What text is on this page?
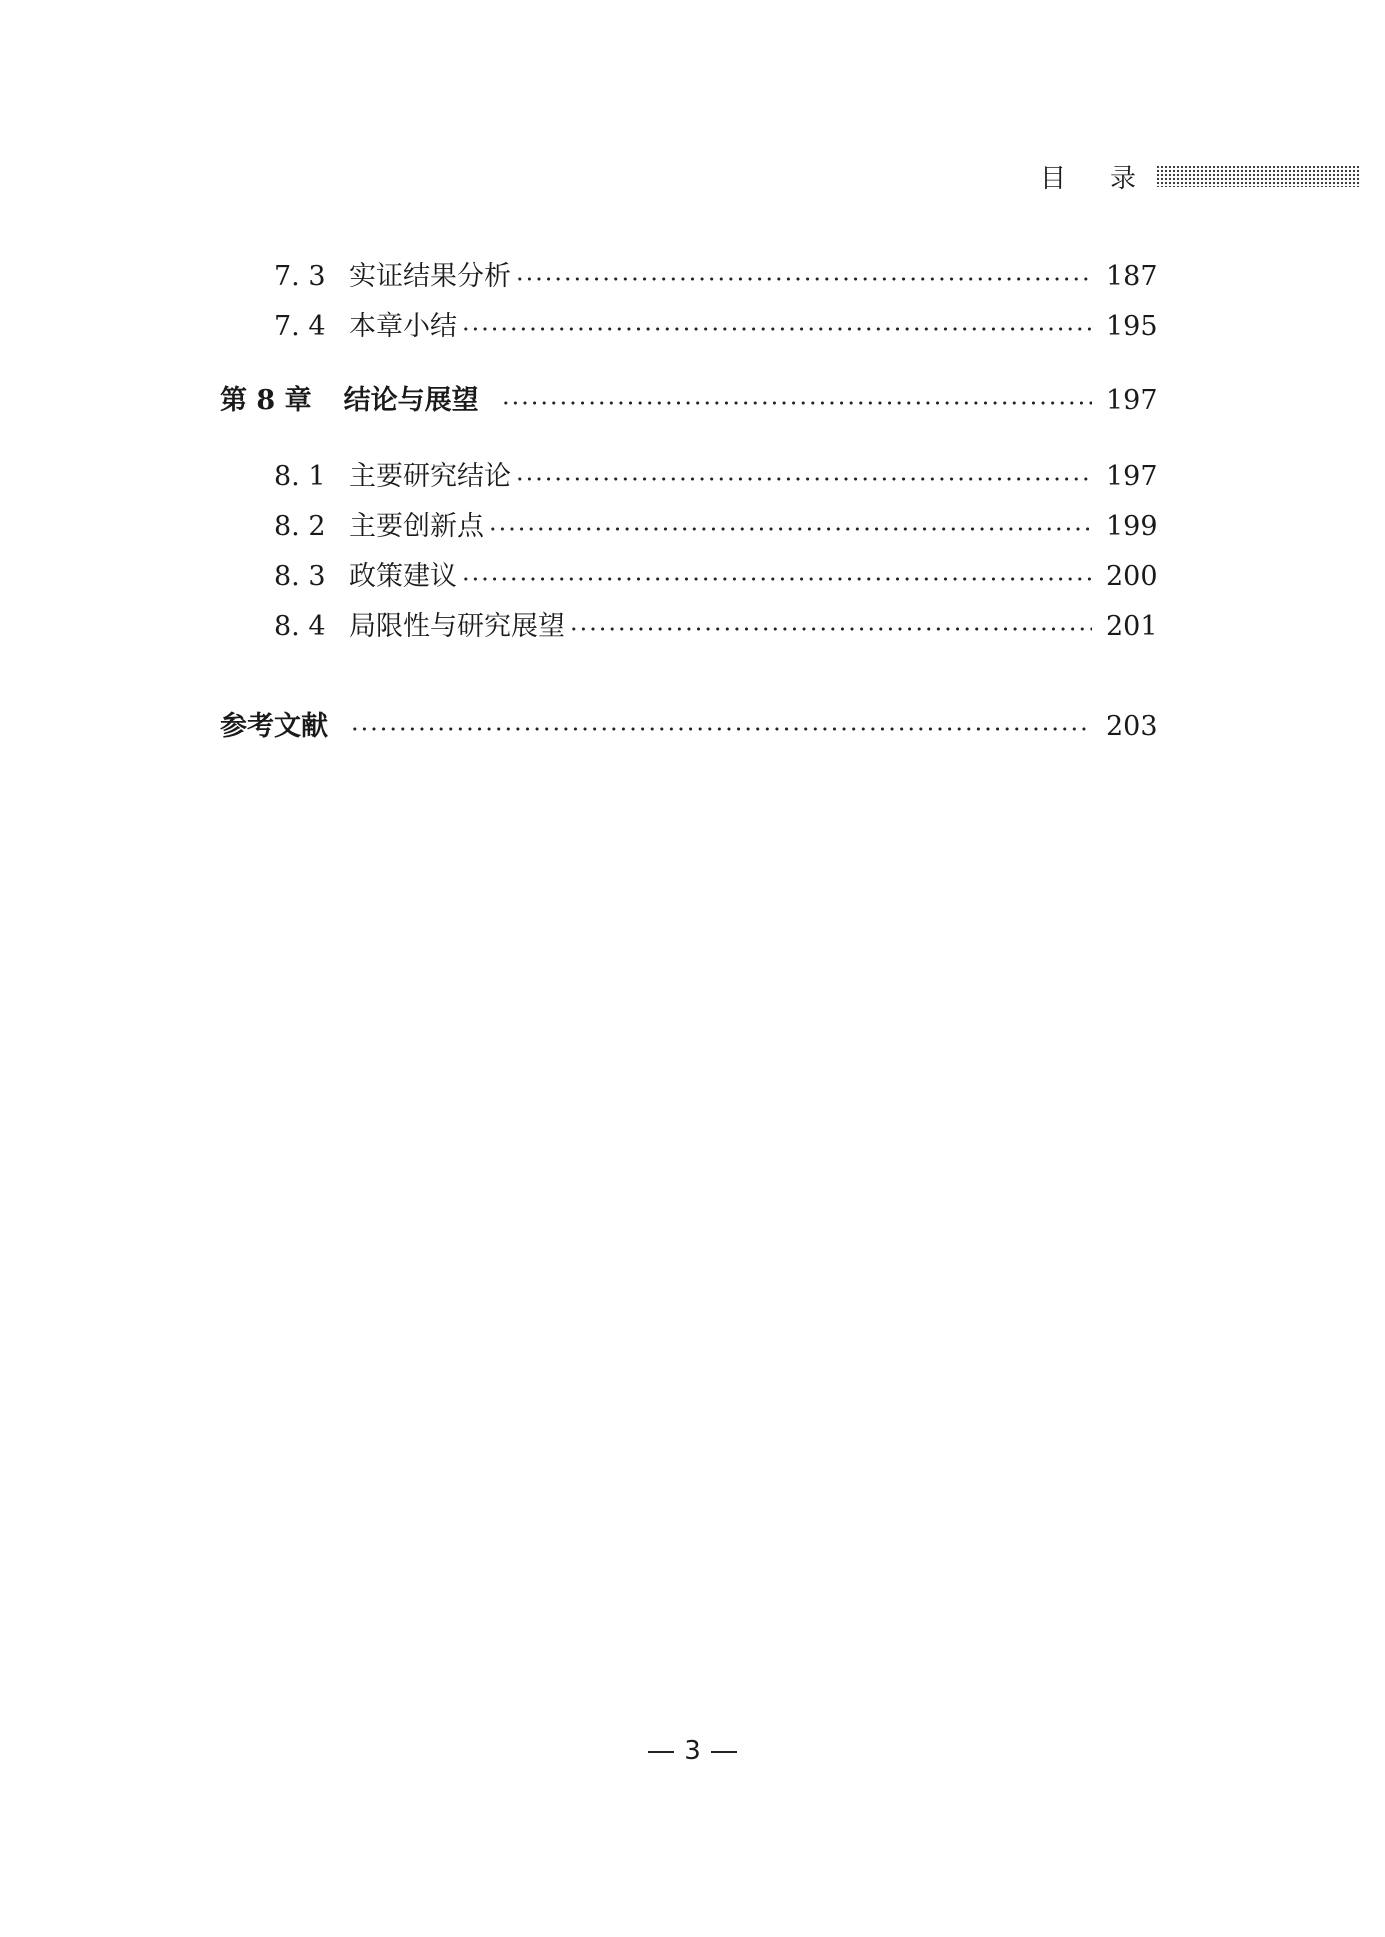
目 录
7. 3 实证结果分析	187
7. 4 本章小结	195
第 8 章 结论与展望	197
8. 1 主要研究结论	197
8. 2 主要创新点	199
8. 3 政策建议	200
8. 4 局限性与研究展望	201
参考文献	203
3
